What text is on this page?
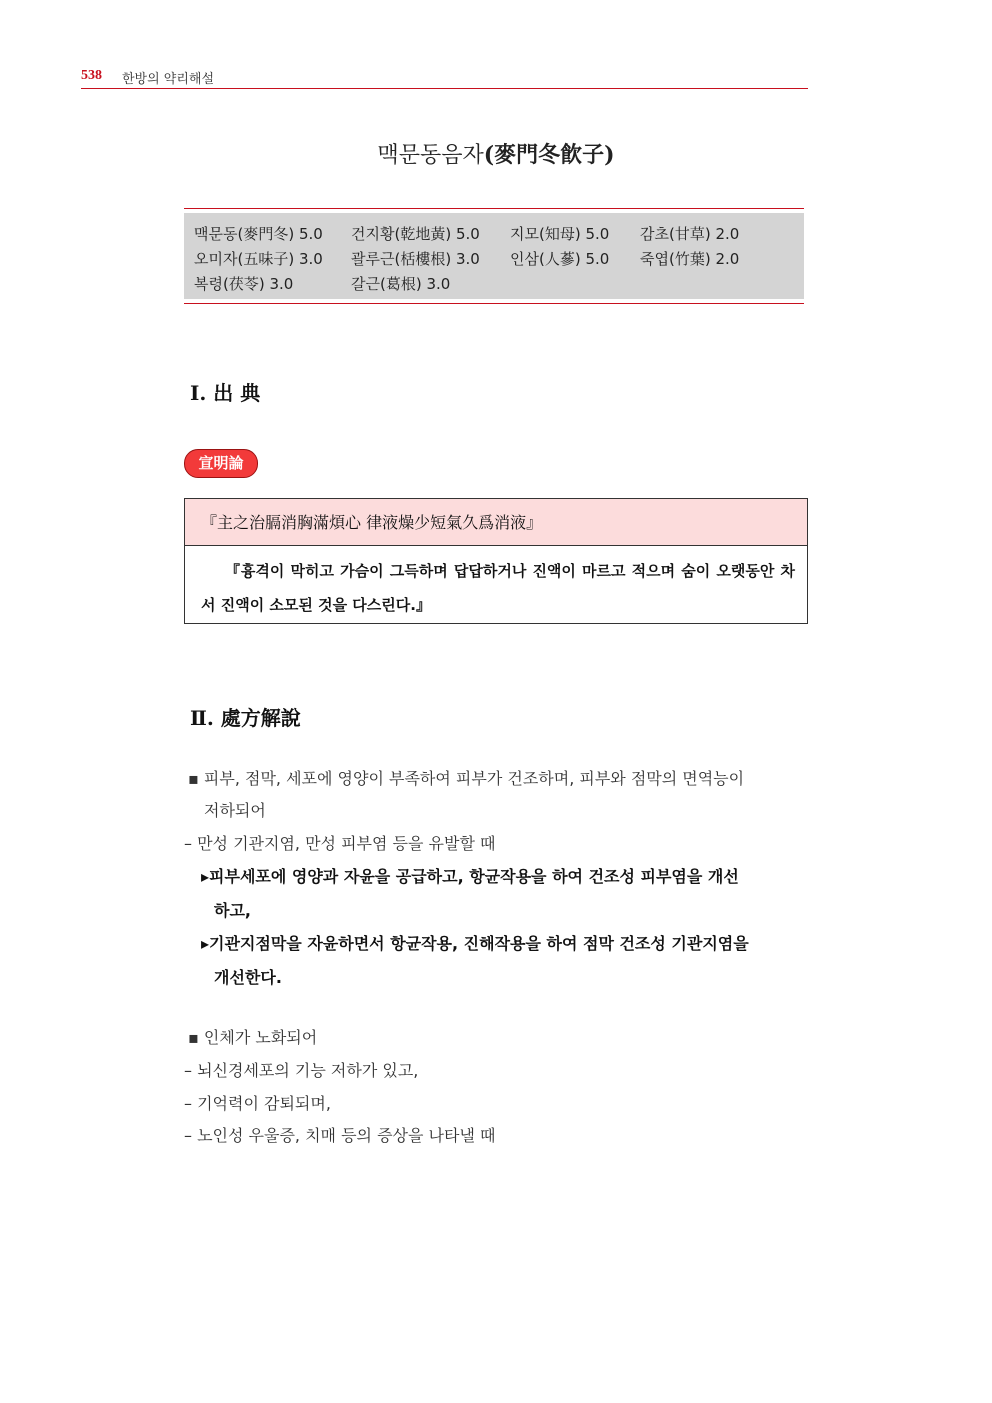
538 한방의 약리해설
맥문동음자(麥門冬飮子)
맥문동(麥門冬) 5.0 건지황(乾地黃) 5.0 지모(知母) 5.0 감초(甘草) 2.0
오미자(五味子) 3.0 괄루근(栝樓根) 3.0 인삼(人蔘) 5.0 죽엽(竹葉) 2.0
복령(茯苓) 3.0	갈근(葛根) 3.0
Ⅰ. 出 典
宣明論
『主之治膈消胸滿煩心 律液燥少短氣久爲消液』
『흉격이 막히고 가슴이 그득하며 답답하거나 진액이 마르고 적으며 숨이 오랫동안 차서 진액이 소모된 것을 다스린다.』
Ⅱ. 處方解說
▪ 피부, 점막, 세포에 영양이 부족하여 피부가 건조하며, 피부와 점막의 면역능이
저하되어
– 만성 기관지염, 만성 피부염 등을 유발할 때
▸피부세포에 영양과 자윤을 공급하고, 항균작용을 하여 건조성 피부염을 개선
하고,
▸기관지점막을 자윤하면서 항균작용, 진해작용을 하여 점막 건조성 기관지염을
개선한다.
▪ 인체가 노화되어
– 뇌신경세포의 기능 저하가 있고,
– 기억력이 감퇴되며,
– 노인성 우울증, 치매 등의 증상을 나타낼 때
